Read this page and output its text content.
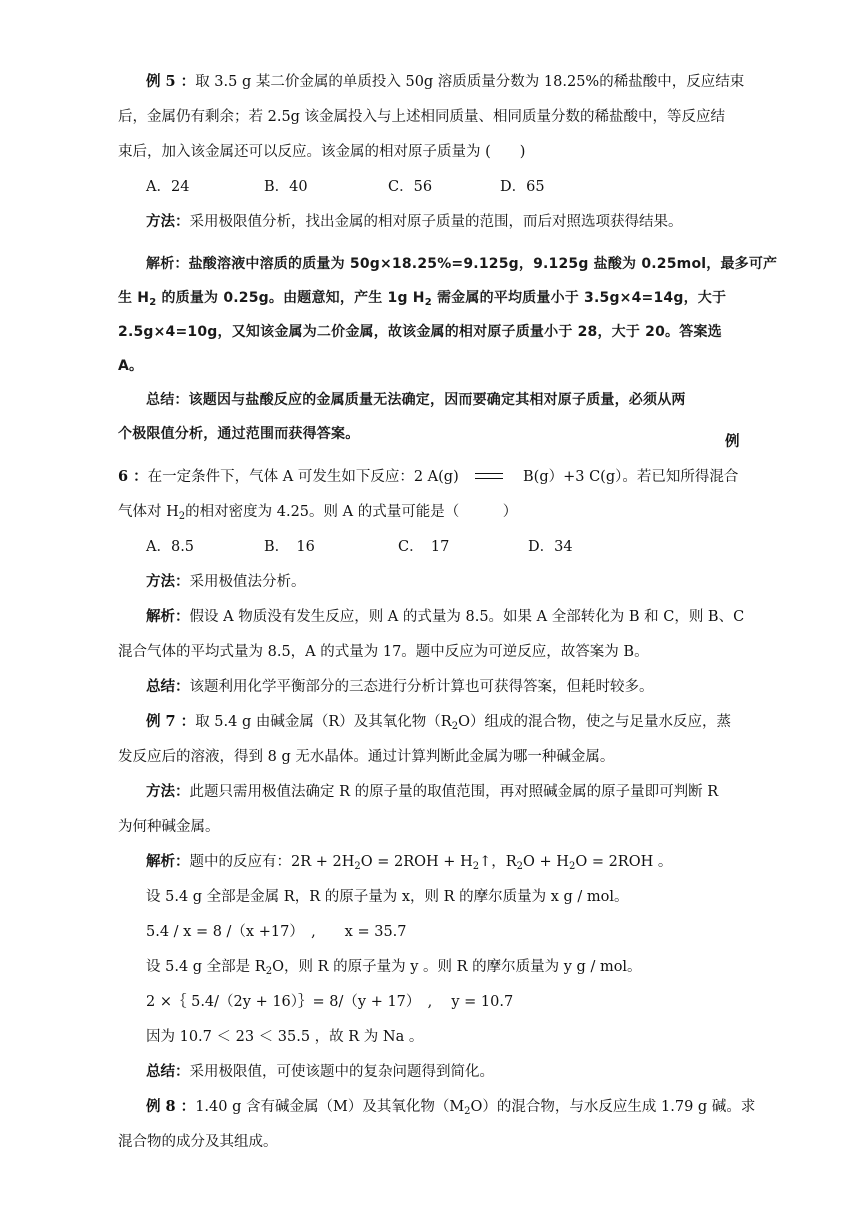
例 5 ：取 3.5 g 某二价金属的单质投入 50g 溶质质量分数为 18.25%的稀盐酸中，反应结束
后，金属仍有剩余；若 2.5g 该金属投入与上述相同质量、相同质量分数的稀盐酸中，等反应结
束后，加入该金属还可以反应。该金属的相对原子质量为 (　　)
A．24	B．40	C．56	D．65
方法：采用极限值分析，找出金属的相对原子质量的范围，而后对照选项获得结果。
解析：盐酸溶液中溶质的质量为 50g×18.25%=9.125g，9.125g 盐酸为 0.25mol，最多可产
生 $H_2$ 的质量为 0.25g。由题意知，产生 1g $H_2$ 需金属的平均质量小于 3.5g×4=14g，大于
2.5g×4=10g，又知该金属为二价金属，故该金属的相对原子质量小于 28，大于 20。答案选
A。
总结：该题因与盐酸反应的金属质量无法确定，因而要确定其相对原子质量，必须从两
个极限值分析，通过范围而获得答案。	例
6 ：在一定条件下，气体 A 可发生如下反应：2 A(g)	B(g）+3 C(g）。若已知所得混合
气体对 $H_2$的相对密度为 4.25。则 A 的式量可能是（　　　）
A．8.5	B．　16	C．　17	D．34
方法：采用极值法分析。
解析：假设 A 物质没有发生反应，则 A 的式量为 8.5。如果 A 全部转化为 B 和 C，则 B、C
混合气体的平均式量为 8.5，A 的式量为 17。题中反应为可逆反应，故答案为 B。
总结：该题利用化学平衡部分的三态进行分析计算也可获得答案，但耗时较多。
例 7 ：取 5.4 g 由碱金属（R）及其氧化物$(R_2O)$组成的混合物，使之与足量水反应，蒸
发反应后的溶液，得到 8 g 无水晶体。通过计算判断此金属为哪一种碱金属。
方法：此题只需用极值法确定 R 的原子量的取值范围，再对照碱金属的原子量即可判断 R
为何种碱金属。
解析：题中的反应有：$2R + 2H_2O = 2ROH$ + $H_2↑$，$R_2O + H_2O = 2ROH$ 。
设 5.4 g 全部是金属 R，R 的原子量为 x，则 R 的摩尔质量为 x g / mol。
5.4 / x = 8 /（x +17）　,　　x = 35.7
设 5.4 g 全部是 $R_2O$，则 R 的原子量为 y 。则 R 的摩尔质量为 y g / mol。
2 ×｛ 5.4/（2y + 16）｝= 8/（y + 17）　,　 y = 10.7
因为 10.7 ＜ 23 ＜ 35.5 ，故 R 为 Na 。
总结：采用极限值，可使该题中的复杂问题得到简化。
例 8 ：1.40 g 含有碱金属（M）及其氧化物$(M_2O)$的混合物，与水反应生成 1.79 g 碱。求
混合物的成分及其组成。
